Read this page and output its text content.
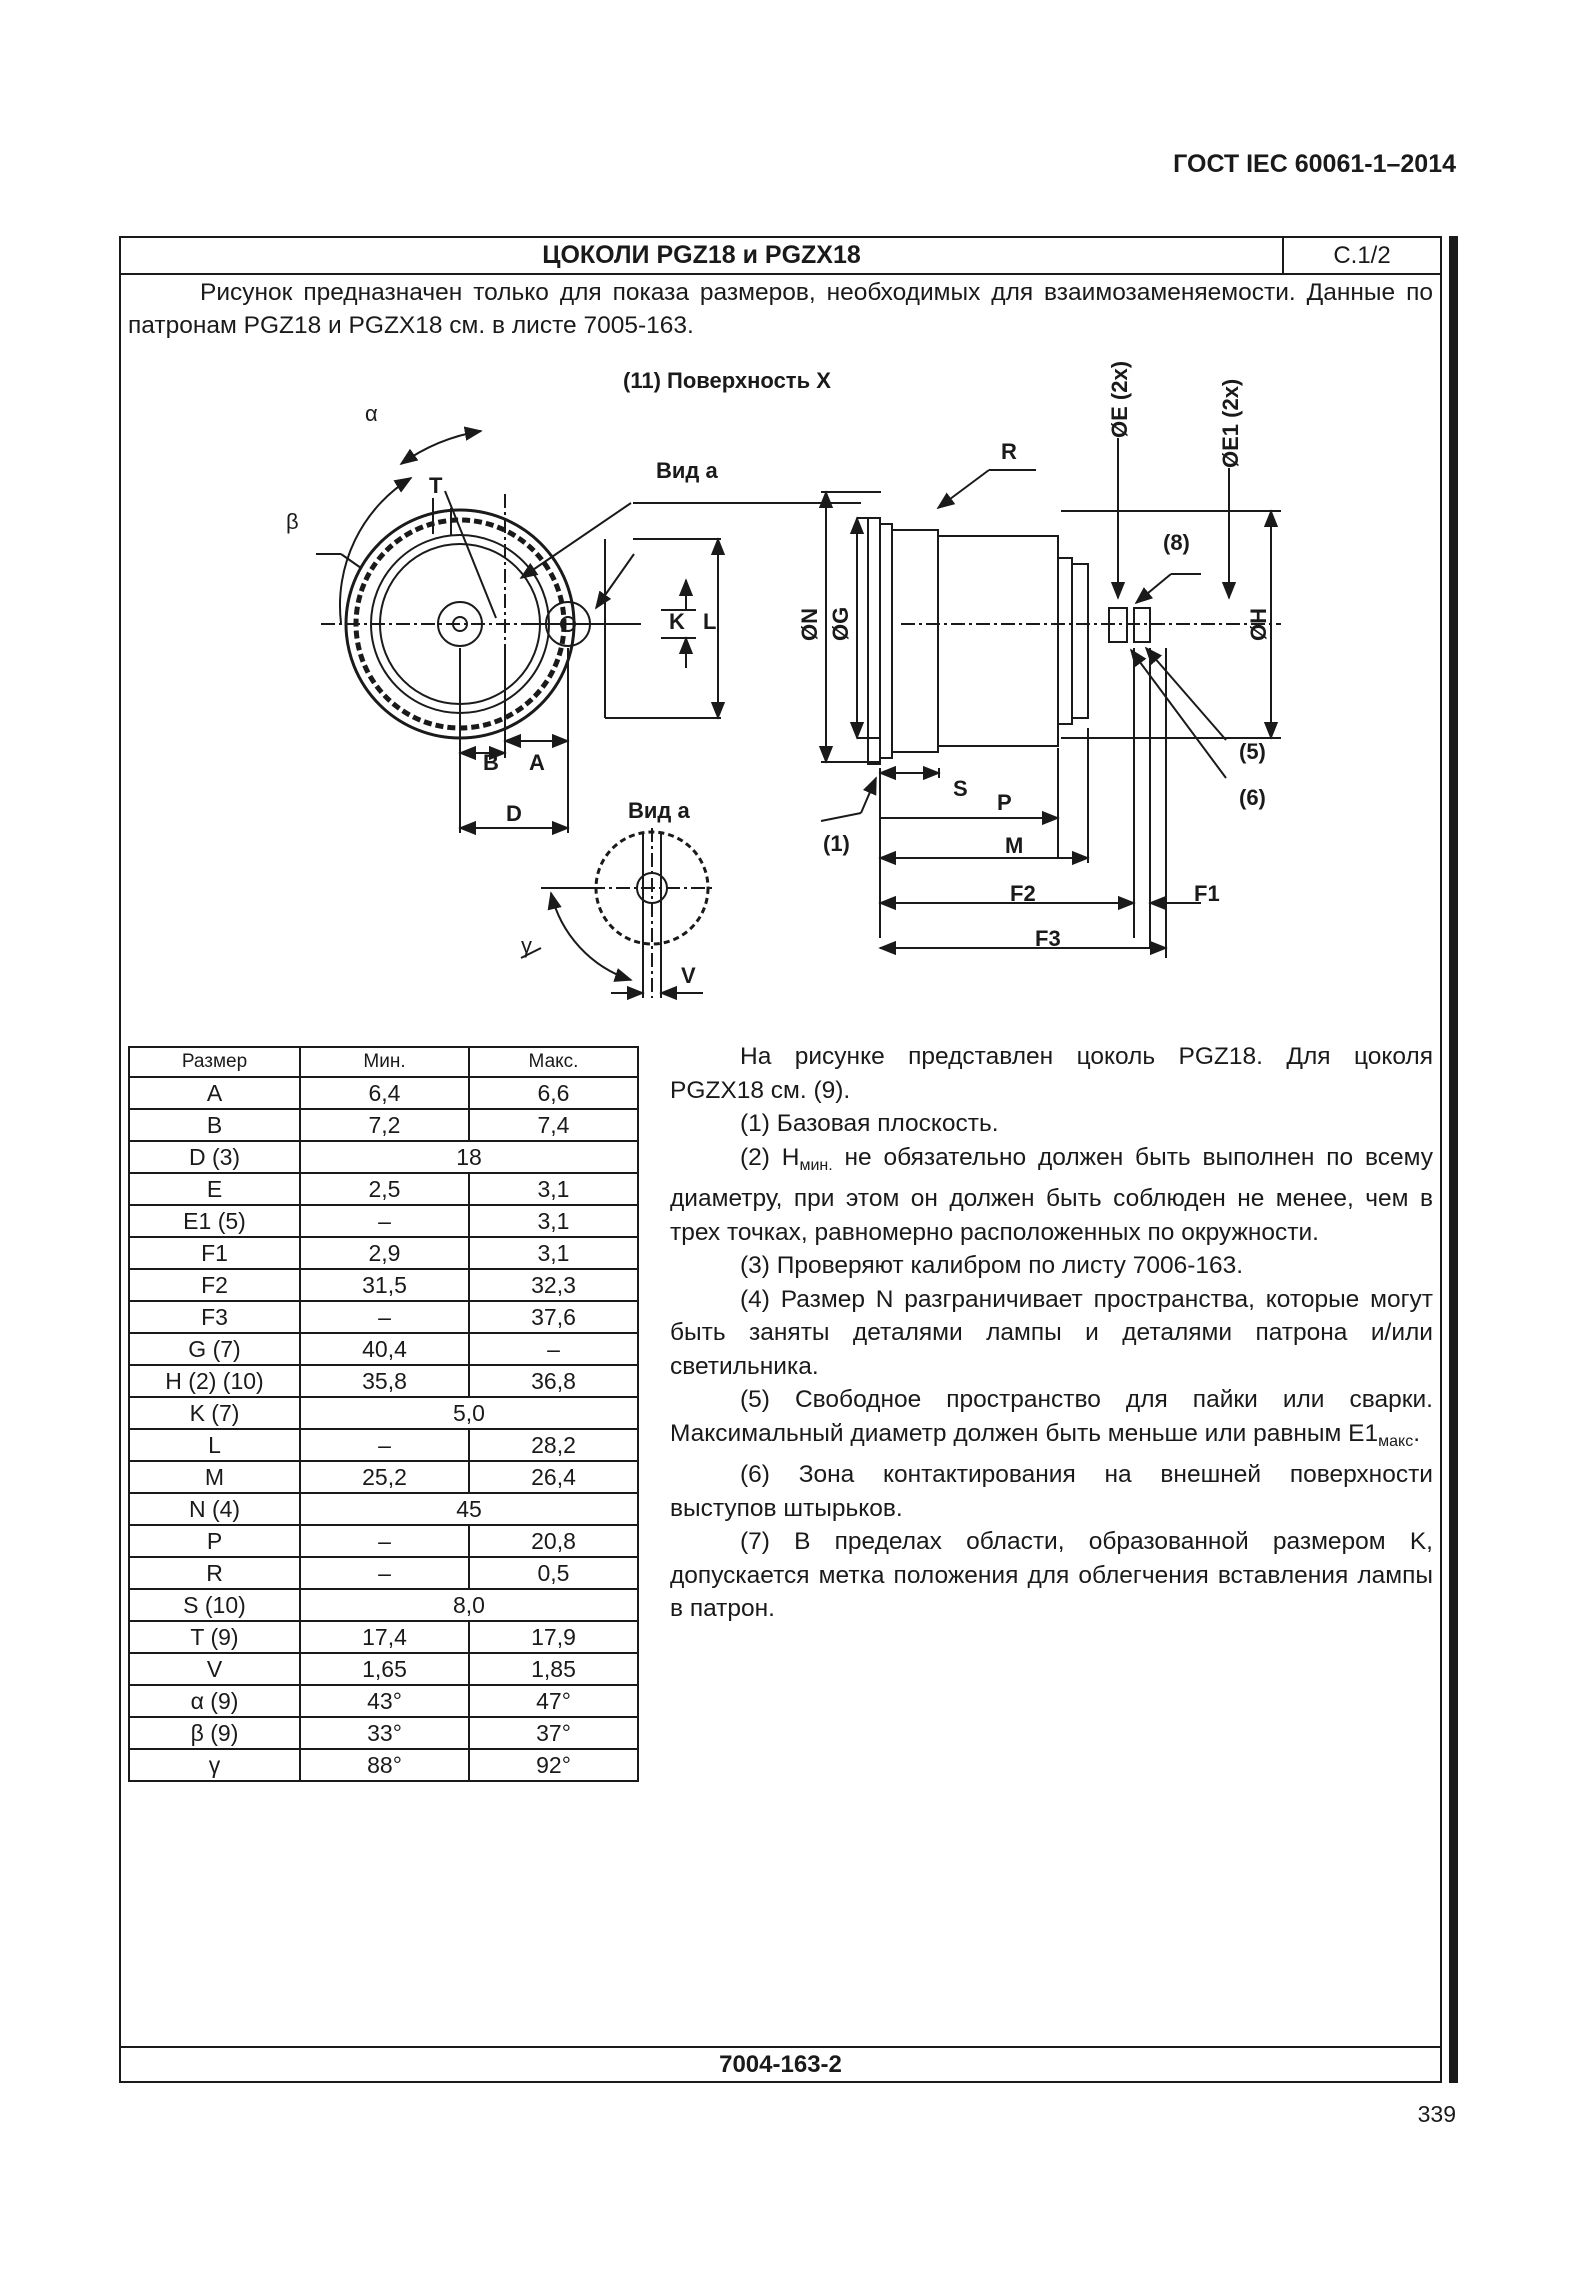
ГОСТ IEC 60061-1–2014
ЦОКОЛИ PGZ18 и PGZX18	С.1/2

Рисунок предназначен только для показа размеров, необходимых для взаимозаменяемости. Данные по патронам PGZ18 и PGZX18 см. в листе 7005-163.

(11) Поверхность X
Вид а
Вид а
α
β
γ
T
K L
B A
D
V
R
ØE (2x)	ØE1 (2x)
ØN ØG	ØH
S
P
M
F2	F1
F3
(1)
(5)
(6)
(8)
Размер	Мин.	Макс.
A	6,4	6,6
B	7,2	7,4
D (3)	18	
E	2,5	3,1
E1 (5)	–	3,1
F1	2,9	3,1
F2	31,5	32,3
F3	–	37,6
G (7)	40,4	–
H (2) (10)	35,8	36,8
K (7)	5,0	
L	–	28,2
M	25,2	26,4
N (4)	45	
P	–	20,8
R	–	0,5
S (10)	8,0	
T (9)	17,4	17,9
V	1,65	1,85
α (9)	43°	47°
β (9)	33°	37°
γ	88°	92°

На рисунке представлен цоколь PGZ18. Для цоколя PGZX18 см. (9).

(1) Базовая плоскость.

(2) $H_{мин.}$ не обязательно должен быть выполнен по всему диаметру, при этом он должен быть соблюден не менее, чем в трех точках, равномерно расположенных по окружности.

(3) Проверяют калибром по листу 7006-163.

(4) Размер N разграничивает пространства, которые могут быть заняты деталями лампы и деталями патрона и/или светильника.

(5) Свободное пространство для пайки или сварки. Максимальный диаметр должен быть меньше или равным $E1_{макс}$.

(6) Зона контактирования на внешней поверхности выступов штырьков.

(7) В пределах области, образованной размером K, допускается метка положения для облегчения вставления лампы в патрон.

7004-163-2
339
